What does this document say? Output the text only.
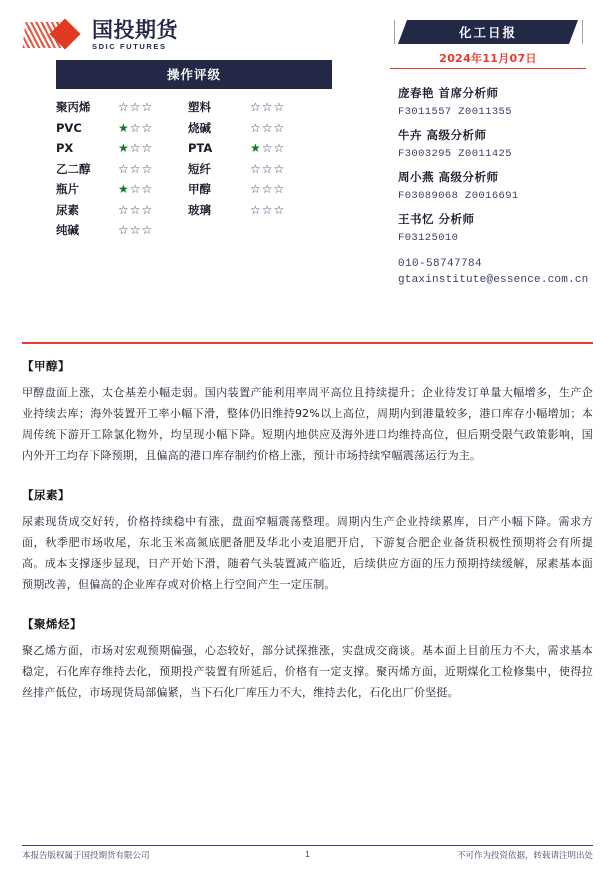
国投期货
SDIC FUTURES
操作评级
聚丙烯	☆☆☆	塑料	☆☆☆
PVC	★☆☆	烧碱	☆☆☆
PX	★☆☆	PTA	★☆☆
乙二醇	☆☆☆	短纤	☆☆☆
瓶片	★☆☆	甲醇	☆☆☆
尿素	☆☆☆	玻璃	☆☆☆
纯碱	☆☆☆
化工日报
2024年11月07日

庞春艳 首席分析师

F3011557 Z0011355

牛卉 高级分析师

F3003295 Z0011425

周小燕 高级分析师

F03089068 Z0016691

王书忆 分析师

F03125010

010-58747784

gtaxinstitute@essence.com.cn

【甲醇】

甲醇盘面上涨，太仓基差小幅走弱。国内装置产能利用率周平高位且持续提升；企业待发订单量大幅增多，生产企业持续去库；海外装置开工率小幅下滑，整体仍旧维持92%以上高位，周期内到港量较多，港口库存小幅增加；本周传统下游开工除氯化物外，均呈现小幅下降。短期内地供应及海外进口均维持高位，但后期受限气政策影响，国内外开工均存下降预期，且偏高的港口库存制约价格上涨，预计市场持续窄幅震荡运行为主。

【尿素】

尿素现货成交好转，价格持续稳中有涨，盘面窄幅震荡整理。周期内生产企业持续累库，日产小幅下降。需求方面，秋季肥市场收尾，东北玉米高氮底肥备肥及华北小麦追肥开启，下游复合肥企业备货积极性预期将会有所提高。成本支撑逐步显现，日产开始下滑，随着气头装置减产临近，后续供应方面的压力预期持续缓解，尿素基本面预期改善，但偏高的企业库存或对价格上行空间产生一定压制。

【聚烯烃】

聚乙烯方面，市场对宏观预期偏强，心态较好，部分试探推涨，实盘成交商谈。基本面上目前压力不大，需求基本稳定，石化库存维持去化，预期投产装置有所延后，价格有一定支撑。聚丙烯方面，近期煤化工检修集中，使得拉丝排产低位，市场现货局部偏紧，当下石化厂库压力不大，维持去化，石化出厂价坚挺。

本报告版权属于国投期货有限公司	不可作为投资依据，转载请注明出处
1
